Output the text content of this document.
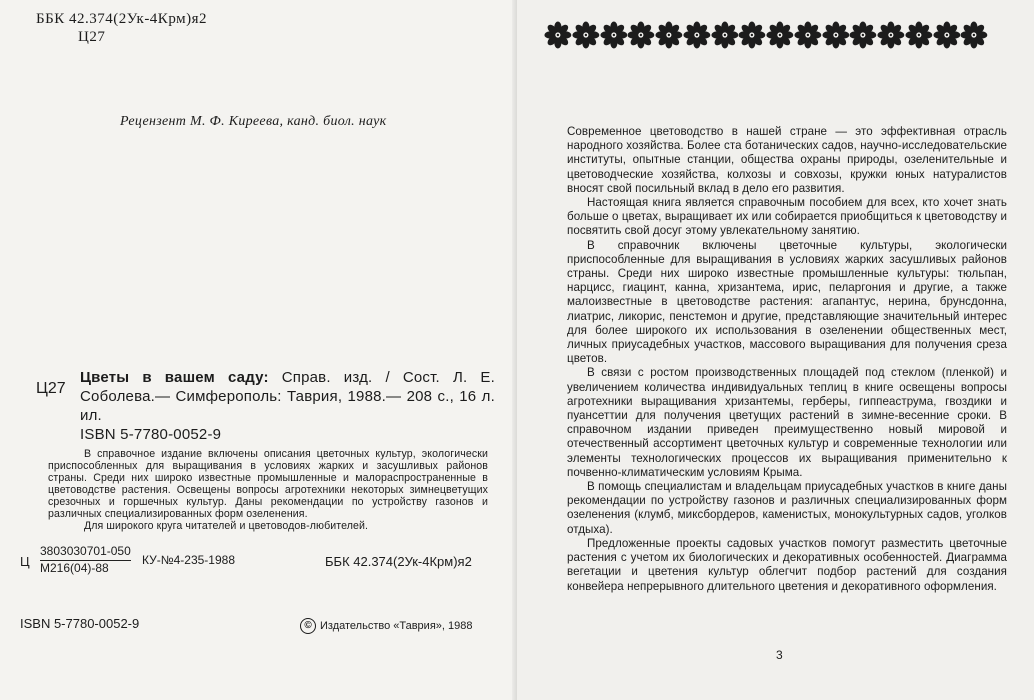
ББК 42.374(2Ук-4Крм)я2
Ц27
Рецензент М. Ф. Киреева, канд. биол. наук
Ц27
Цветы в вашем саду: Справ. изд. / Сост. Л. Е. Соболева.— Симферополь: Таврия, 1988.— 208 с., 16 л. ил.
ISBN 5-7780-0052-9

В справочное издание включены описания цветочных культур, экологически приспособленных для выращивания в условиях жарких и засушливых районов страны. Среди них широко известные промышленные и малораспространенные в цветоводстве растения. Освещены вопросы агротехники некоторых зимнецветущих срезочных и горшечных культур. Даны рекомендации по устройству газонов и различных специализированных форм озеленения.

Для широкого круга читателей и цветоводов-любителей.

Ц
3803030701-050
М216(04)-88
КУ-№4-235-1988	ББК 42.374(2Ук-4Крм)я2
ISBN 5-7780-0052-9	© Издательство «Таврия», 1988

Современное цветоводство в нашей стране — это эффективная отрасль народного хозяйства. Более ста ботанических садов, научно-исследовательские институты, опытные станции, общества охраны природы, озеленительные и цветоводческие хозяйства, колхозы и совхозы, кружки юных натуралистов вносят свой посильный вклад в дело его развития.

Настоящая книга является справочным пособием для всех, кто хочет знать больше о цветах, выращивает их или собирается приобщиться к цветоводству и посвятить свой досуг этому увлекательному занятию.

В справочник включены цветочные культуры, экологически приспособленные для выращивания в условиях жарких засушливых районов страны. Среди них широко известные промышленные культуры: тюльпан, нарцисс, гиацинт, канна, хризантема, ирис, пеларгония и другие, а также малоизвестные в цветоводстве растения: агапантус, нерина, брунсдонна, лиатрис, ликорис, пенстемон и другие, представляющие значительный интерес для более широкого их использования в озеленении общественных мест, личных приусадебных участков, массового выращивания для получения среза цветов.

В связи с ростом производственных площадей под стеклом (пленкой) и увеличением количества индивидуальных теплиц в книге освещены вопросы агротехники выращивания хризантемы, герберы, гиппеаструма, гвоздики и пуансеттии для получения цветущих растений в зимне-весенние сроки. В справочном издании приведен преимущественно новый мировой и отечественный ассортимент цветочных культур и современные технологии или элементы технологических процессов их выращивания применительно к почвенно-климатическим условиям Крыма.

В помощь специалистам и владельцам приусадебных участков в книге даны рекомендации по устройству газонов и различных специализированных форм озеленения (клумб, миксбордеров, каменистых, монокультурных садов, уголков отдыха).

Предложенные проекты садовых участков помогут разместить цветочные растения с учетом их биологических и декоративных особенностей. Диаграмма вегетации и цветения культур облегчит подбор растений для создания конвейера непрерывного длительного цветения и декоративного оформления.

3
